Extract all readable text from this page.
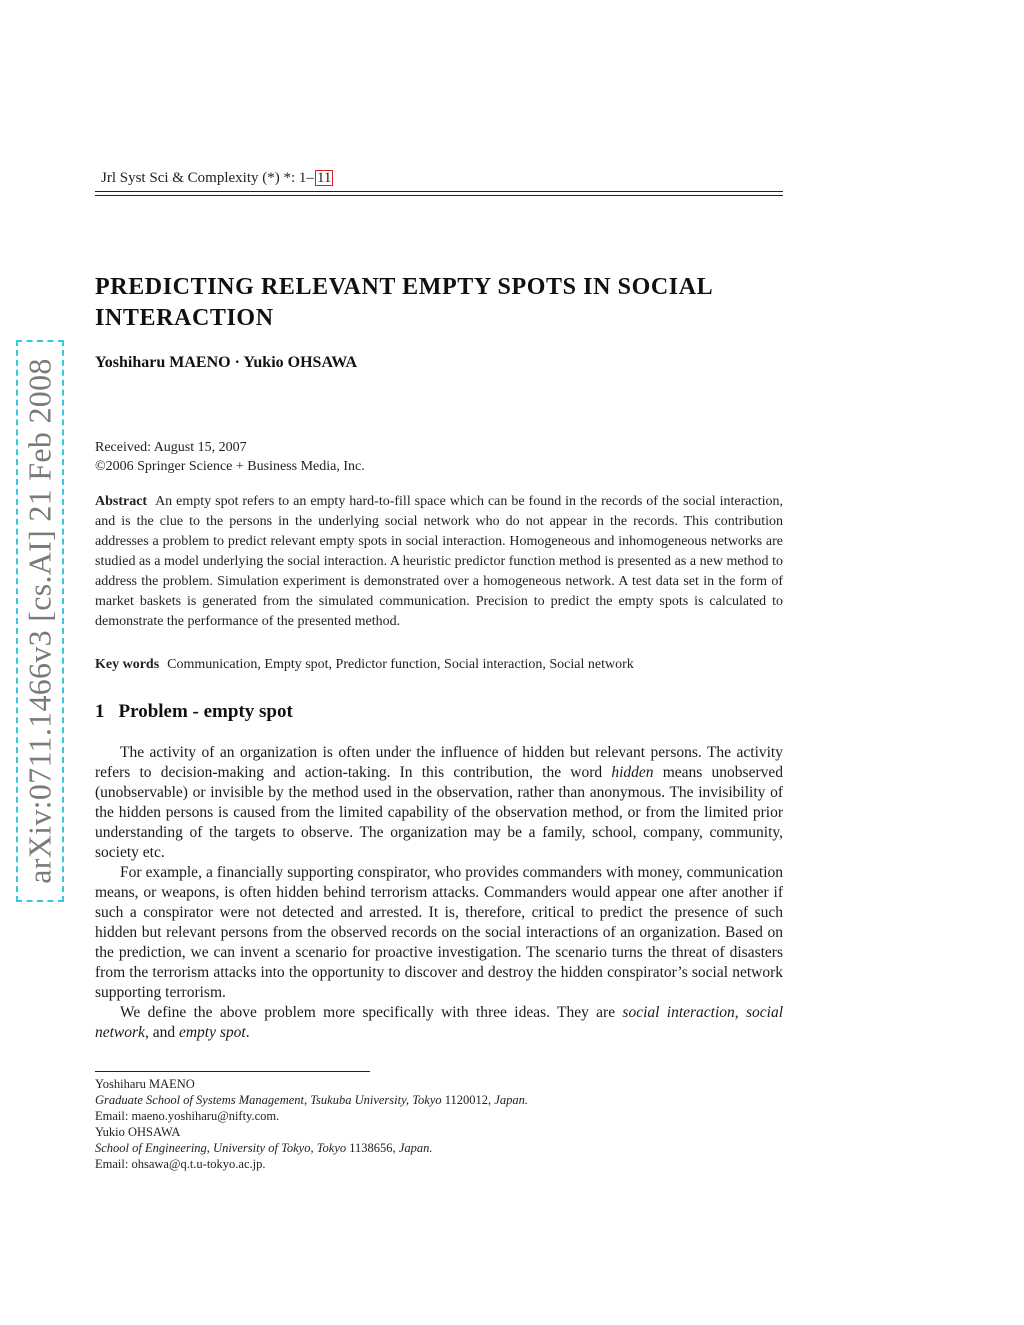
arXiv:0711.1466v3 [cs.AI] 21 Feb 2008
Jrl Syst Sci & Complexity (*) *: 1– 11
PREDICTING RELEVANT EMPTY SPOTS IN SOCIAL INTERACTION
Yoshiharu MAENO · Yukio OHSAWA
Received: August 15, 2007
©2006 Springer Science + Business Media, Inc.
Abstract An empty spot refers to an empty hard-to-fill space which can be found in the records of the social interaction, and is the clue to the persons in the underlying social network who do not appear in the records. This contribution addresses a problem to predict relevant empty spots in social interaction. Homogeneous and inhomogeneous networks are studied as a model underlying the social interaction. A heuristic predictor function method is presented as a new method to address the problem. Simulation experiment is demonstrated over a homogeneous network. A test data set in the form of market baskets is generated from the simulated communication. Precision to predict the empty spots is calculated to demonstrate the performance of the presented method.
Key words Communication, Empty spot, Predictor function, Social interaction, Social network
1 Problem - empty spot

The activity of an organization is often under the influence of hidden but relevant persons. The activity refers to decision-making and action-taking. In this contribution, the word hidden means unobserved (unobservable) or invisible by the method used in the observation, rather than anonymous. The invisibility of the hidden persons is caused from the limited capability of the observation method, or from the limited prior understanding of the targets to observe. The organization may be a family, school, company, community, society etc.

For example, a financially supporting conspirator, who provides commanders with money, communication means, or weapons, is often hidden behind terrorism attacks. Commanders would appear one after another if such a conspirator were not detected and arrested. It is, therefore, critical to predict the presence of such hidden but relevant persons from the observed records on the social interactions of an organization. Based on the prediction, we can invent a scenario for proactive investigation. The scenario turns the threat of disasters from the terrorism attacks into the opportunity to discover and destroy the hidden conspirator’s social network supporting terrorism.

We define the above problem more specifically with three ideas. They are social interaction, social network, and empty spot.

Yoshiharu MAENO
Graduate School of Systems Management, Tsukuba University, Tokyo 1120012, Japan.
Email: maeno.yoshiharu@nifty.com.
Yukio OHSAWA
School of Engineering, University of Tokyo, Tokyo 1138656, Japan.
Email: ohsawa@q.t.u-tokyo.ac.jp.
